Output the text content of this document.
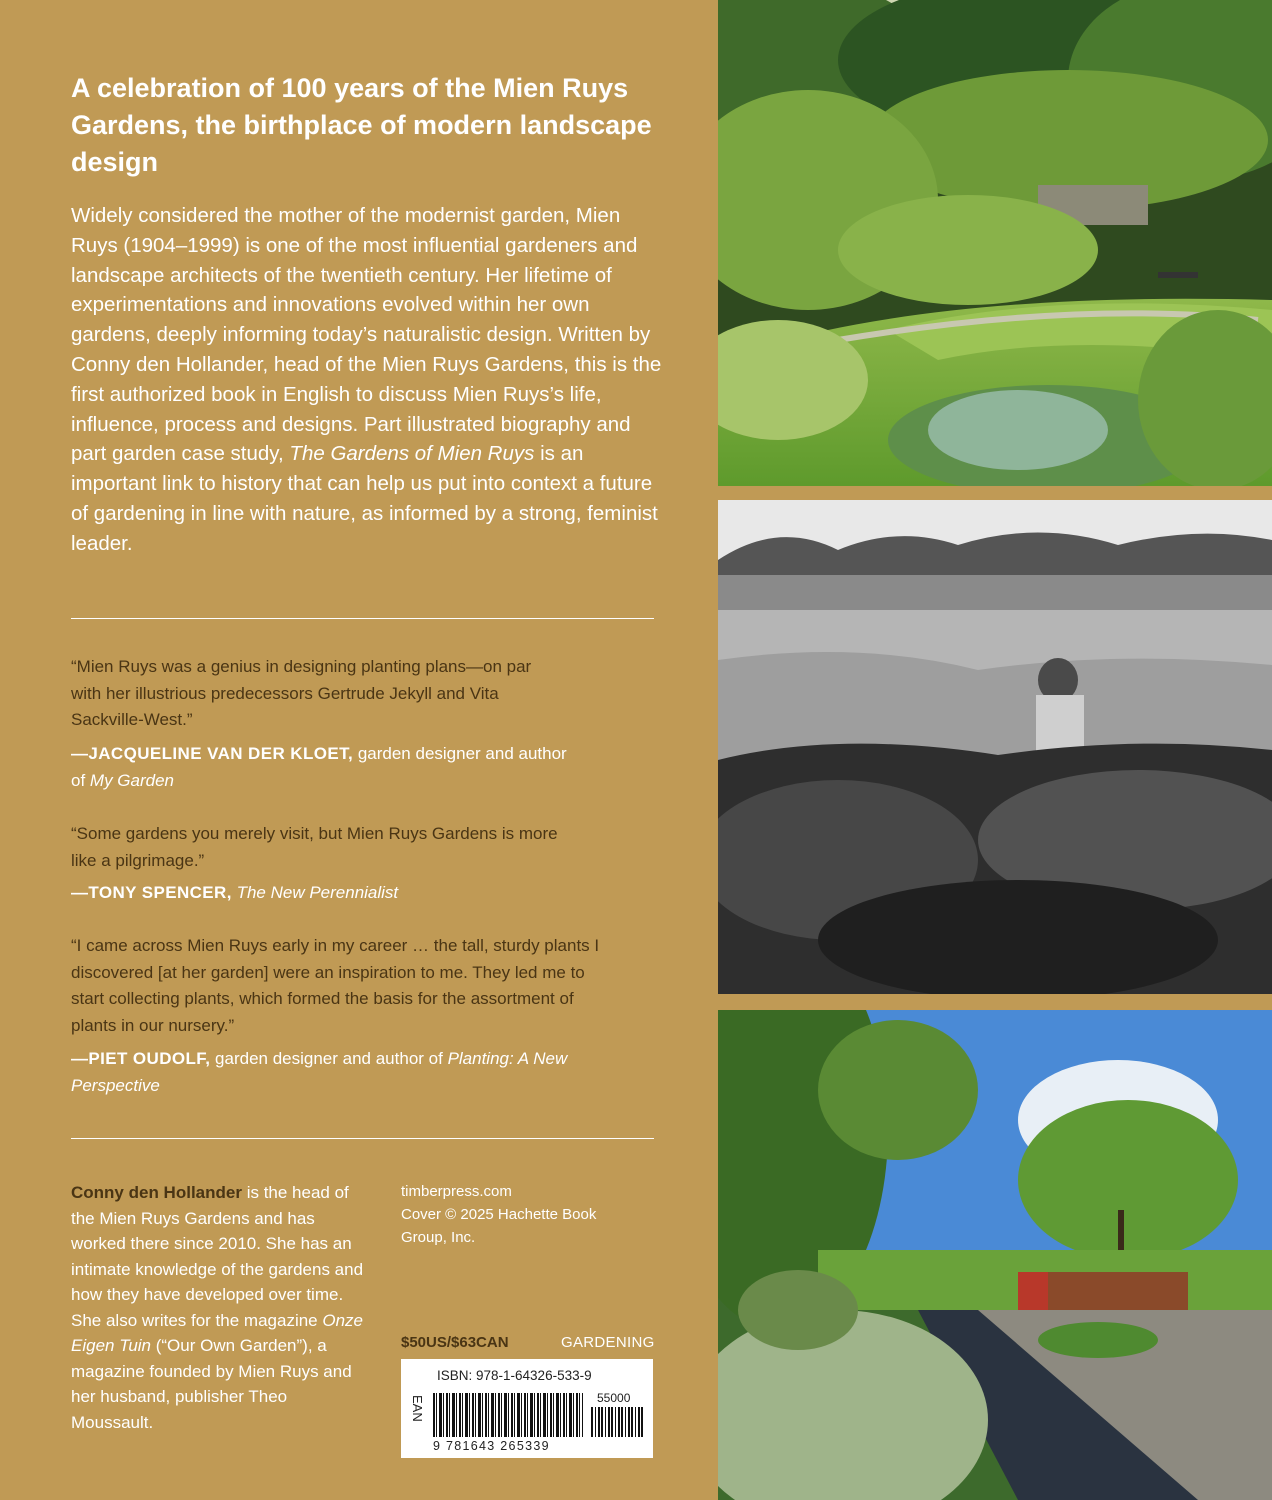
A celebration of 100 years of the Mien Ruys Gardens, the birthplace of modern landscape design

Widely considered the mother of the modernist garden, Mien Ruys (1904–1999) is one of the most influential gardeners and landscape architects of the twentieth century. Her lifetime of experimentations and innovations evolved within her own gardens, deeply informing today’s naturalistic design. Written by Conny den Hollander, head of the Mien Ruys Gardens, this is the first authorized book in English to discuss Mien Ruys’s life, influence, process and designs. Part illustrated biography and part garden case study, The Gardens of Mien Ruys is an important link to history that can help us put into context a future of gardening in line with nature, as informed by a strong, feminist leader.

“Mien Ruys was a genius in designing planting plans—on par with her illustrious predecessors Gertrude Jekyll and Vita Sackville-West.”

—JACQUELINE VAN DER KLOET, garden designer and author of My Garden

“Some gardens you merely visit, but Mien Ruys Gardens is more like a pilgrimage.”

—TONY SPENCER, The New Perennialist

“I came across Mien Ruys early in my career … the tall, sturdy plants I discovered [at her garden] were an inspiration to me. They led me to start collecting plants, which formed the basis for the assortment of plants in our nursery.”

—PIET OUDOLF, garden designer and author of Planting: A New Perspective

Conny den Hollander is the head of the Mien Ruys Gardens and has worked there since 2010. She has an intimate knowledge of the gardens and how they have developed over time. She also writes for the magazine Onze Eigen Tuin (“Our Own Garden”), a magazine founded by Mien Ruys and her husband, publisher Theo Moussault.

timberpress.com
Cover © 2025 Hachette Book Group, Inc.

$50US/$63CAN	GARDENING
ISBN: 978-1-64326-533-9
EAN	55000
9 781643 265339
